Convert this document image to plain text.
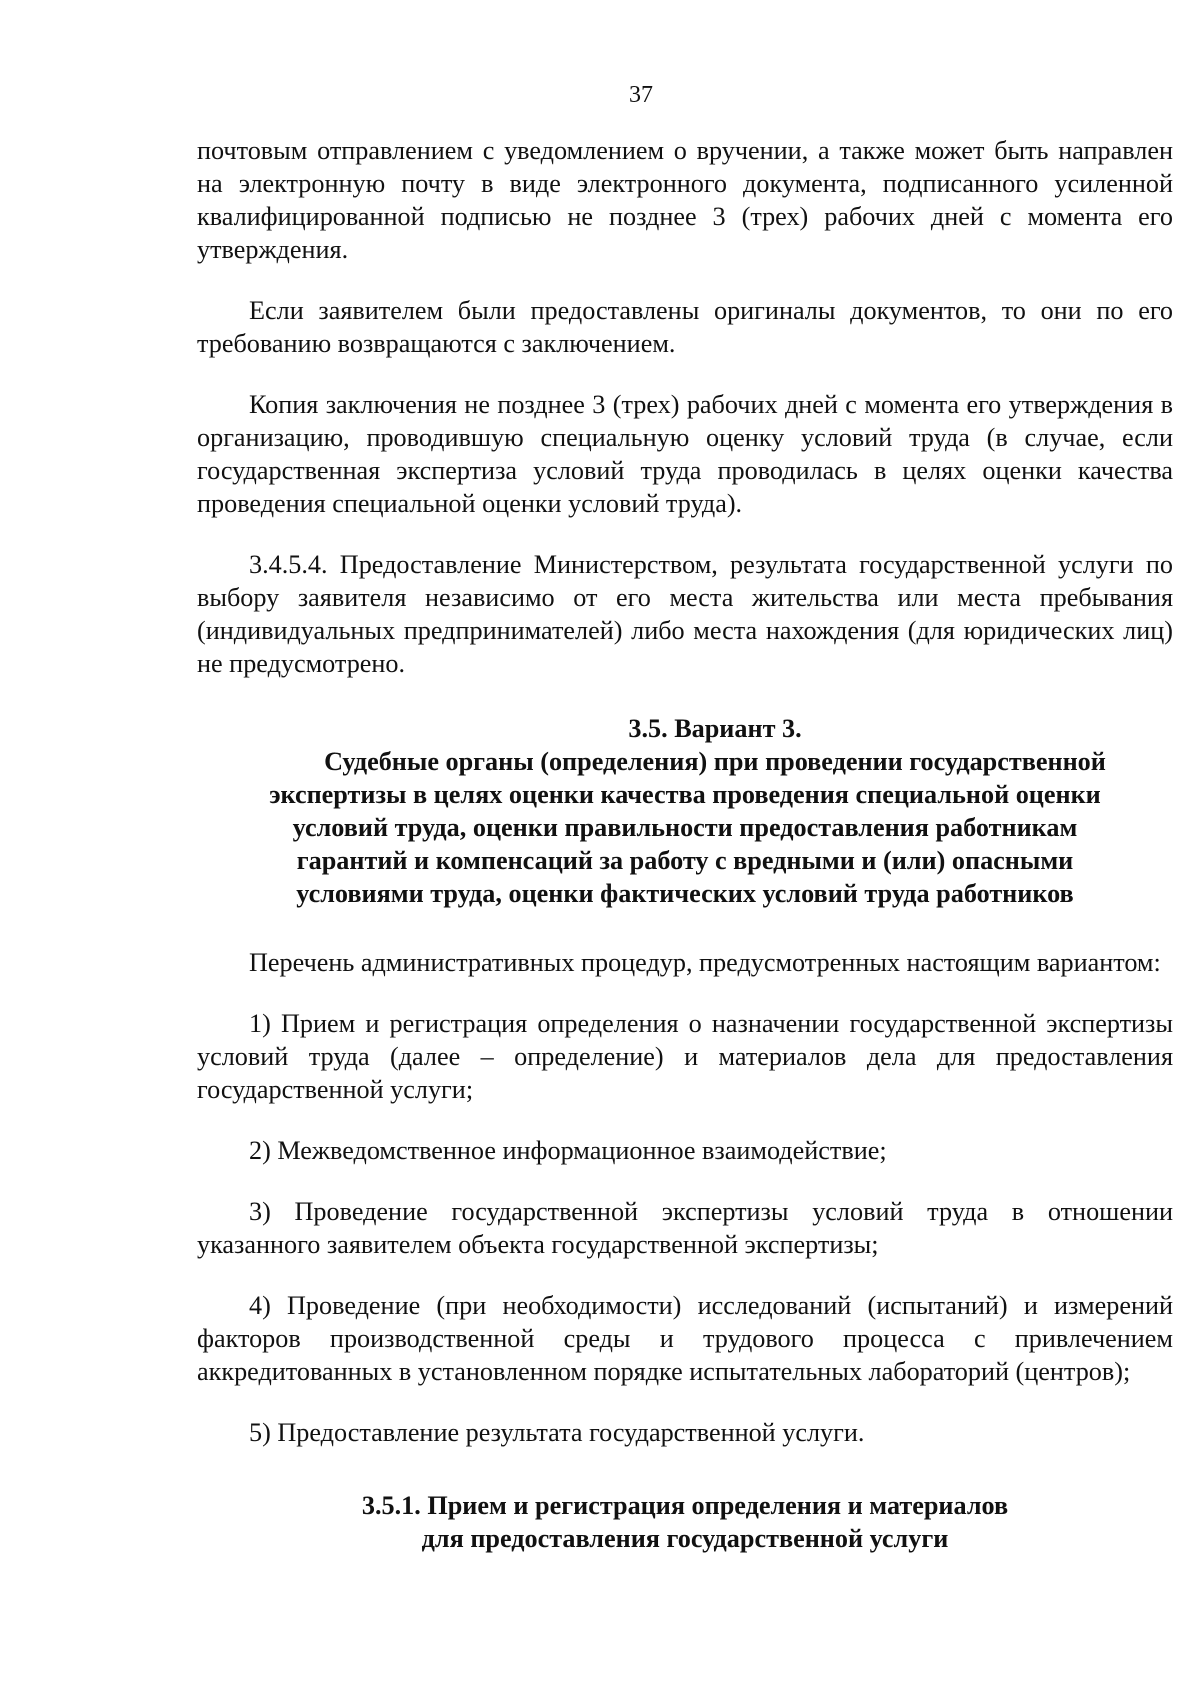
37

почтовым отправлением с уведомлением о вручении, а также может быть направлен на электронную почту в виде электронного документа, подписанного усиленной квалифицированной подписью не позднее 3 (трех) рабочих дней с момента его утверждения.

Если заявителем были предоставлены оригиналы документов, то они по его требованию возвращаются с заключением.

Копия заключения не позднее 3 (трех) рабочих дней с момента его утверждения в организацию, проводившую специальную оценку условий труда (в случае, если государственная экспертиза условий труда проводилась в целях оценки качества проведения специальной оценки условий труда).

3.4.5.4. Предоставление Министерством, результата государственной услуги по выбору заявителя независимо от его места жительства или места пребывания (индивидуальных предпринимателей) либо места нахождения (для юридических лиц) не предусмотрено.

3.5. Вариант 3.
Судебные органы (определения) при проведении государственной
экспертизы в целях оценки качества проведения специальной оценки
условий труда, оценки правильности предоставления работникам
гарантий и компенсаций за работу с вредными и (или) опасными
условиями труда, оценки фактических условий труда работников

Перечень административных процедур, предусмотренных настоящим вариантом:

1) Прием и регистрация определения о назначении государственной экспертизы условий труда (далее – определение) и материалов дела для предоставления государственной услуги;

2) Межведомственное информационное взаимодействие;

3) Проведение государственной экспертизы условий труда в отношении указанного заявителем объекта государственной экспертизы;

4) Проведение (при необходимости) исследований (испытаний) и измерений факторов производственной среды и трудового процесса с привлечением аккредитованных в установленном порядке испытательных лабораторий (центров);

5) Предоставление результата государственной услуги.

3.5.1. Прием и регистрация определения и материалов
для предоставления государственной услуги
